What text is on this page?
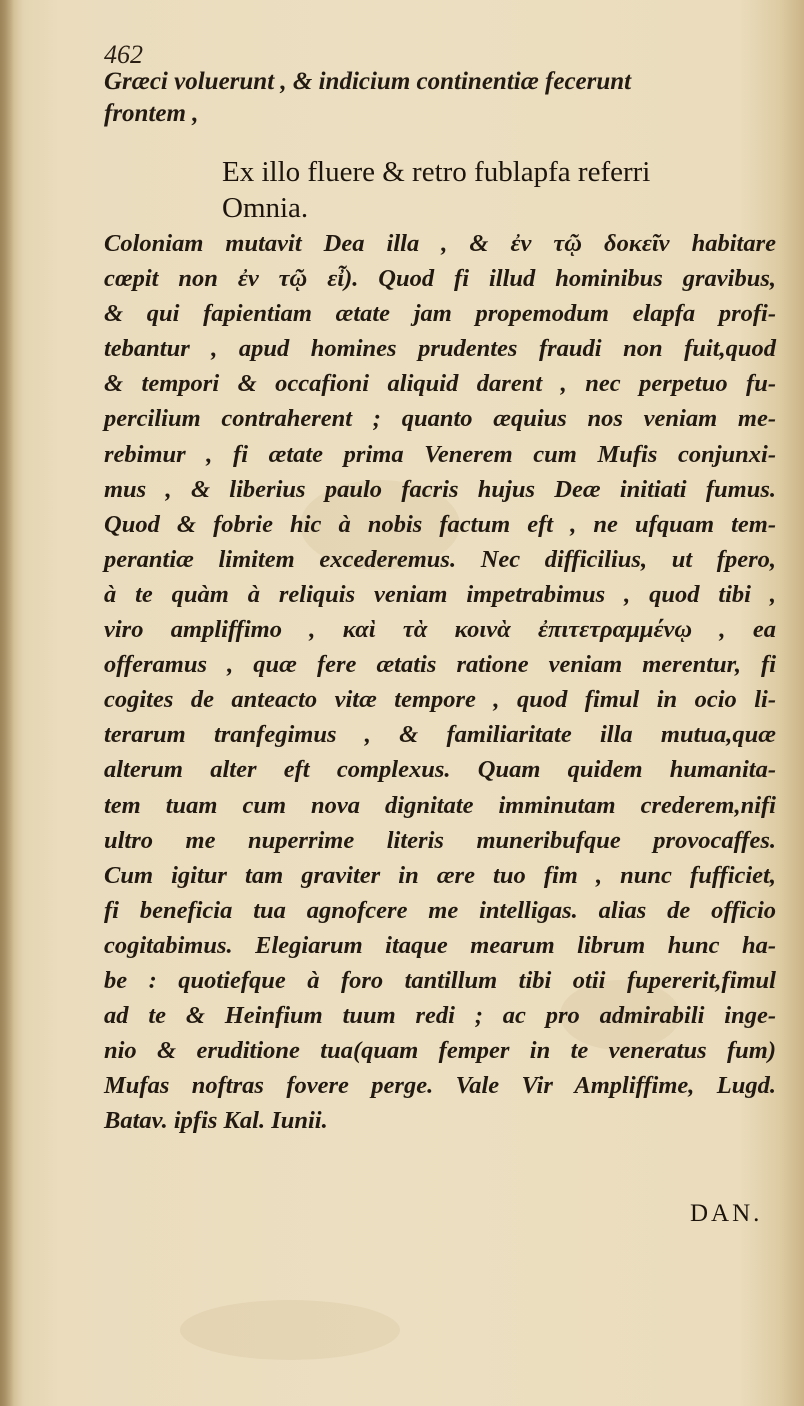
462
Græci voluerunt , & indicium continentiæ fecerunt
frontem ,
Ex illo fluere & retro fublapfa referri
Omnia.
Coloniam mutavit Dea illa , & ἐν τῷ δοκεῖν habitare
cœpit non ἐν τῷ εἶ). Quod fi illud hominibus gravibus,
& qui fapientiam ætate jam propemodum elapfa profi-
tebantur , apud homines prudentes fraudi non fuit,quod
& tempori & occafioni aliquid darent , nec perpetuo fu-
percilium contraherent ; quanto æquius nos veniam me-
rebimur , fi ætate prima Venerem cum Mufis conjunxi-
mus , & liberius paulo facris hujus Deæ initiati fumus.
Quod & fobrie hic à nobis factum eft , ne ufquam tem-
perantiæ limitem excederemus. Nec difficilius, ut fpero,
à te quàm à reliquis veniam impetrabimus , quod tibi ,
viro ampliffimo , καὶ τὰ κοινὰ ἐπιτετραμμένῳ , ea
offeramus , quæ fere ætatis ratione veniam merentur, fi
cogites de anteacto vitæ tempore , quod fimul in ocio li-
terarum tranfegimus , & familiaritate illa mutua,quæ
alterum alter eft complexus. Quam quidem humanita-
tem tuam cum nova dignitate imminutam crederem,nifi
ultro me nuperrime literis muneribufque provocaffes.
Cum igitur tam graviter in ære tuo fim , nunc fufficiet,
fi beneficia tua agnofcere me intelligas. alias de officio
cogitabimus. Elegiarum itaque mearum librum hunc ha-
be : quotiefque à foro tantillum tibi otii fupererit,fimul
ad te & Heinfium tuum redi ; ac pro admirabili inge-
nio & eruditione tua(quam femper in te veneratus fum)
Mufas noftras fovere perge. Vale Vir Ampliffime, Lugd.
Batav. ipfis Kal. Iunii.
DAN.
